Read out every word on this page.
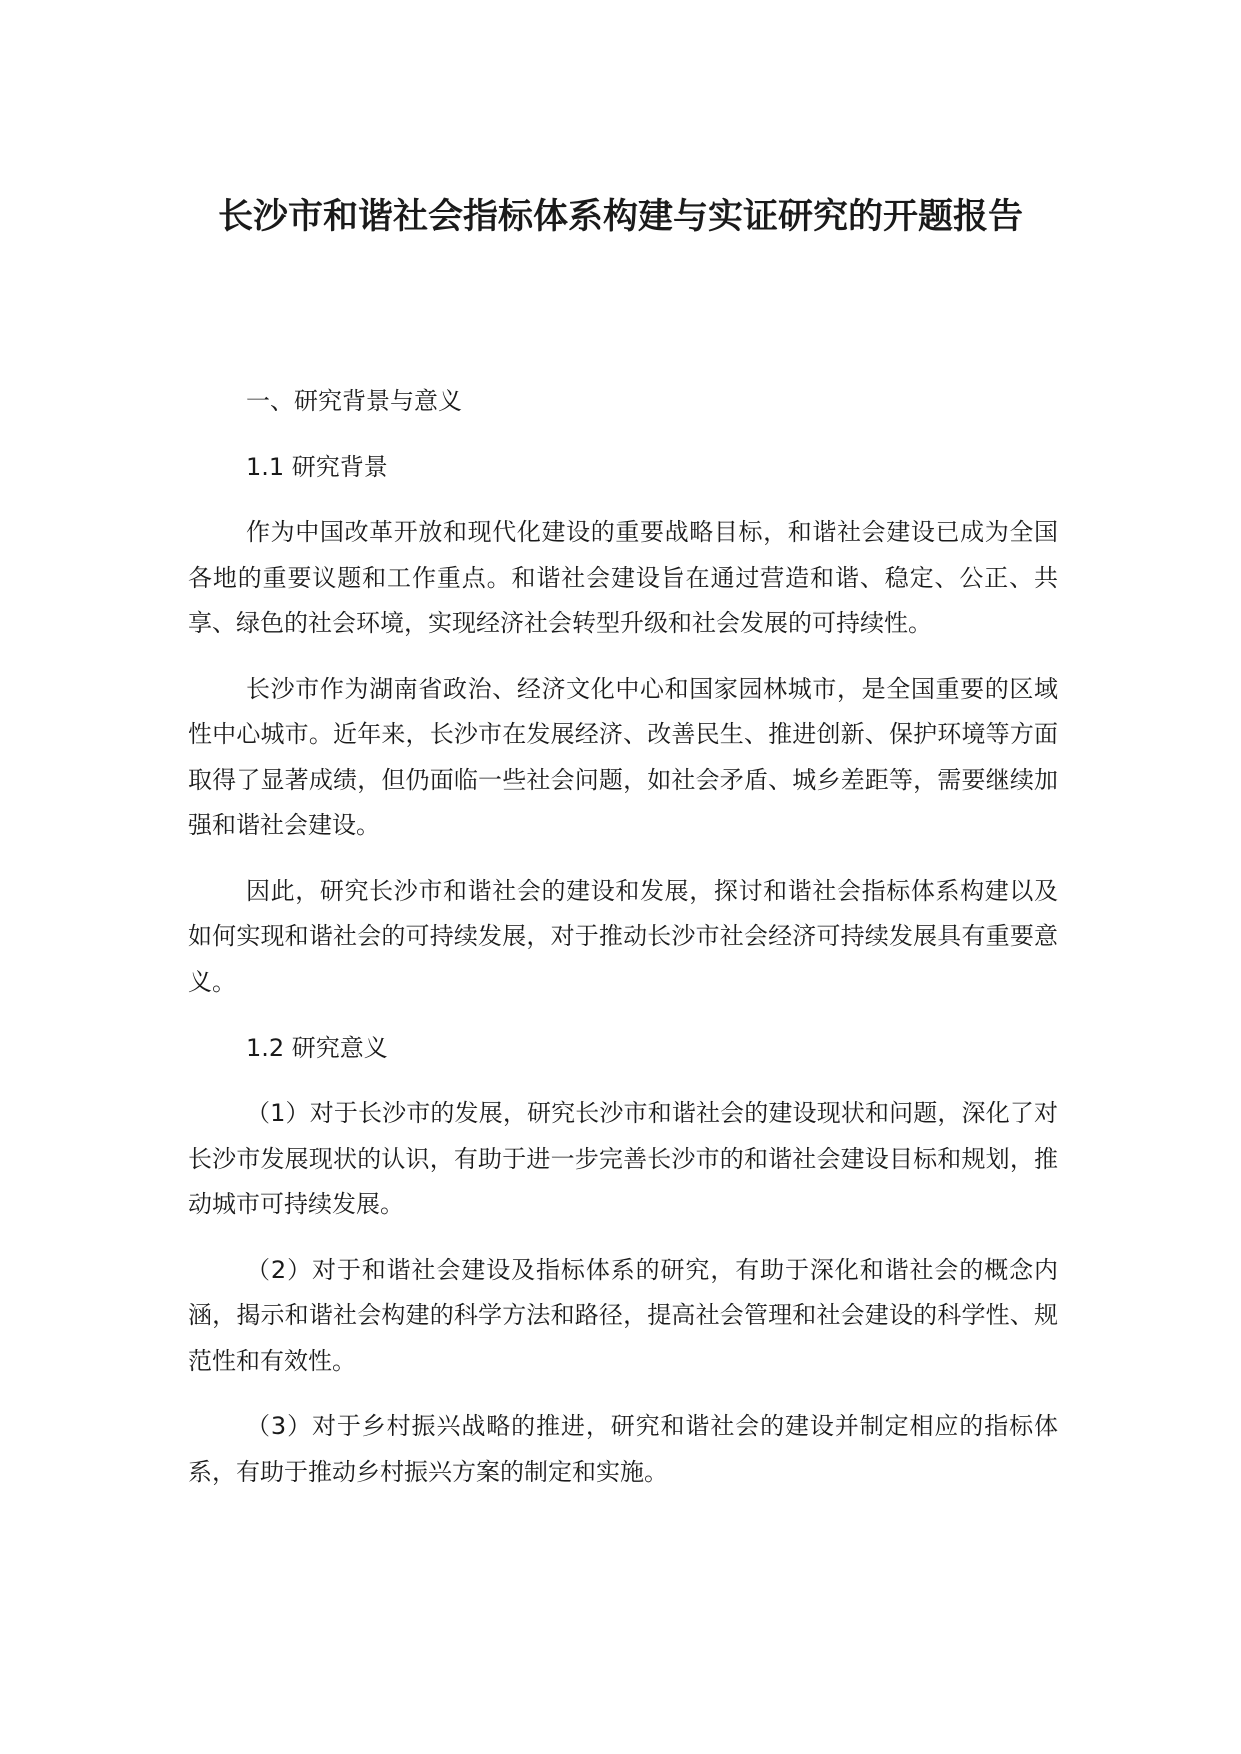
长沙市和谐社会指标体系构建与实证研究的开题报告
一、研究背景与意义
1.1 研究背景

作为中国改革开放和现代化建设的重要战略目标，和谐社会建设已成为全国各地的重要议题和工作重点。和谐社会建设旨在通过营造和谐、稳定、公正、共享、绿色的社会环境，实现经济社会转型升级和社会发展的可持续性。

长沙市作为湖南省政治、经济文化中心和国家园林城市，是全国重要的区域性中心城市。近年来，长沙市在发展经济、改善民生、推进创新、保护环境等方面取得了显著成绩，但仍面临一些社会问题，如社会矛盾、城乡差距等，需要继续加强和谐社会建设。

因此，研究长沙市和谐社会的建设和发展，探讨和谐社会指标体系构建以及如何实现和谐社会的可持续发展，对于推动长沙市社会经济可持续发展具有重要意义。

1.2 研究意义

（1）对于长沙市的发展，研究长沙市和谐社会的建设现状和问题，深化了对长沙市发展现状的认识，有助于进一步完善长沙市的和谐社会建设目标和规划，推动城市可持续发展。

（2）对于和谐社会建设及指标体系的研究，有助于深化和谐社会的概念内涵，揭示和谐社会构建的科学方法和路径，提高社会管理和社会建设的科学性、规范性和有效性。

（3）对于乡村振兴战略的推进，研究和谐社会的建设并制定相应的指标体系，有助于推动乡村振兴方案的制定和实施。
